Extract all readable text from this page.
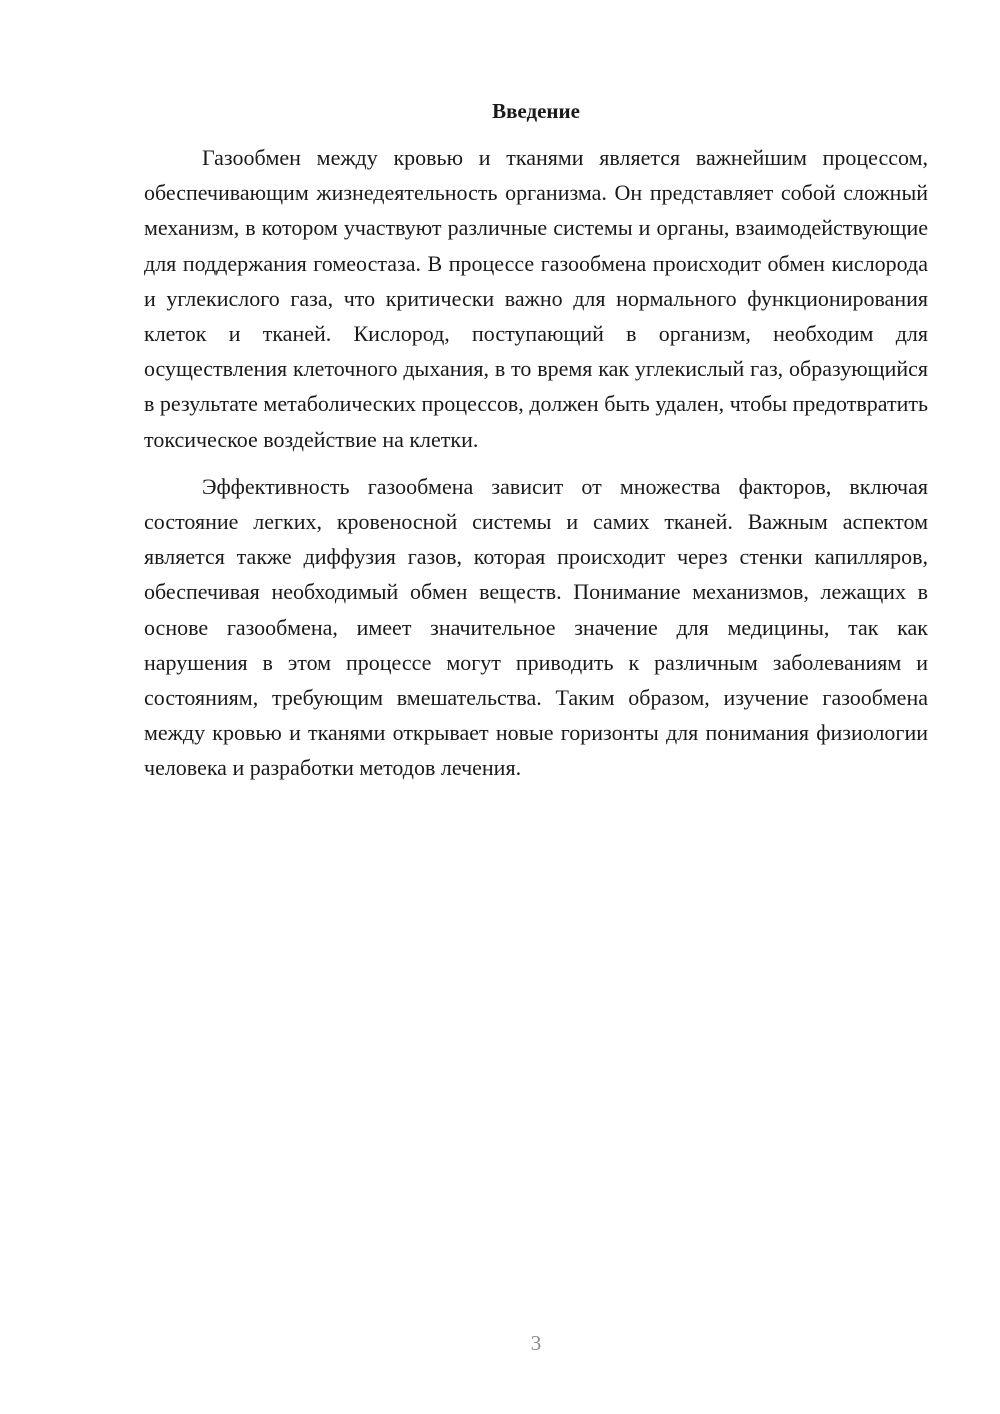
Введение

Газообмен между кровью и тканями является важнейшим процессом, обеспечивающим жизнедеятельность организма. Он представляет собой сложный механизм, в котором участвуют различные системы и органы, взаимодействующие для поддержания гомеостаза. В процессе газообмена происходит обмен кислорода и углекислого газа, что критически важно для нормального функционирования клеток и тканей. Кислород, поступающий в организм, необходим для осуществления клеточного дыхания, в то время как углекислый газ, образующийся в результате метаболических процессов, должен быть удален, чтобы предотвратить токсическое воздействие на клетки.

Эффективность газообмена зависит от множества факторов, включая состояние легких, кровеносной системы и самих тканей. Важным аспектом является также диффузия газов, которая происходит через стенки капилляров, обеспечивая необходимый обмен веществ. Понимание механизмов, лежащих в основе газообмена, имеет значительное значение для медицины, так как нарушения в этом процессе могут приводить к различным заболеваниям и состояниям, требующим вмешательства. Таким образом, изучение газообмена между кровью и тканями открывает новые горизонты для понимания физиологии человека и разработки методов лечения.

3
